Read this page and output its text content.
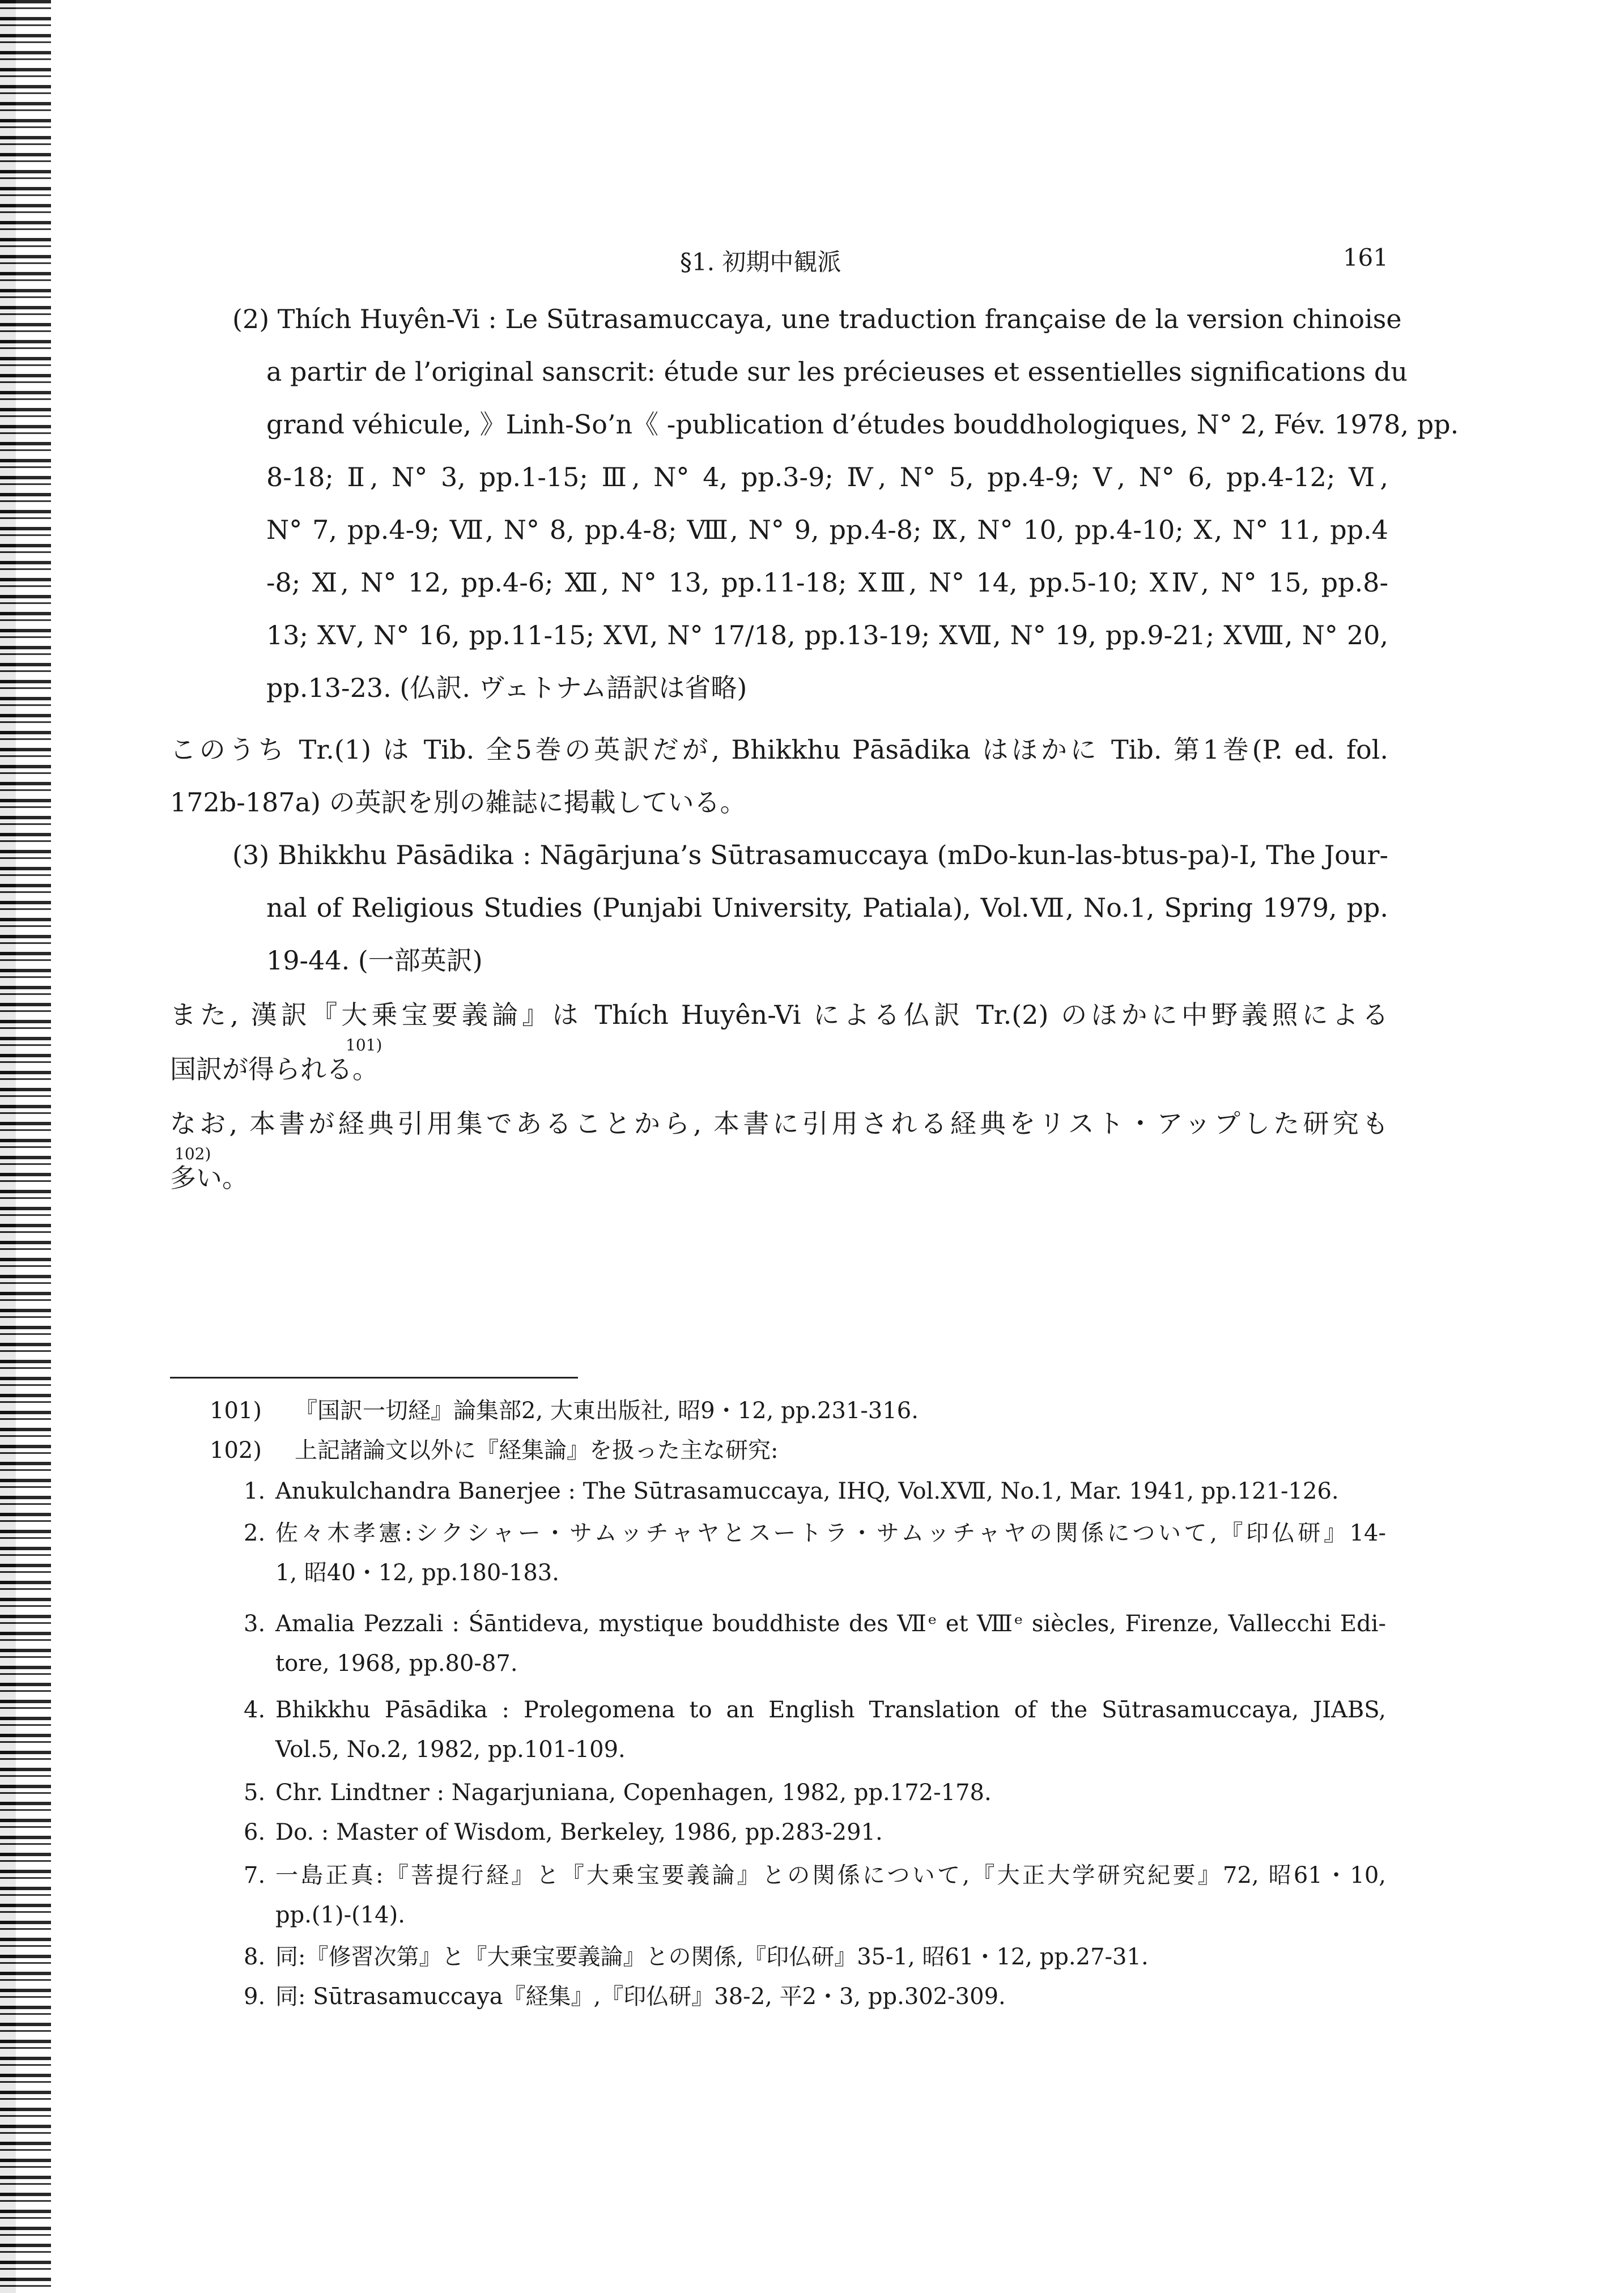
§1. 初期中観派	161
(2) Thích Huyên-Vi : Le Sūtrasamuccaya, une traduction française de la version chinoise
a partir de l’original sanscrit: étude sur les précieuses et essentielles significations du
grand véhicule, 》Linh-So’n《 -publication d’études bouddhologiques, N° 2, Fév. 1978, pp.
8-18; Ⅱ, N° 3, pp.1-15; Ⅲ, N° 4, pp.3-9; Ⅳ, N° 5, pp.4-9; Ⅴ, N° 6, pp.4-12; Ⅵ,
N° 7, pp.4-9; Ⅶ, N° 8, pp.4-8; Ⅷ, N° 9, pp.4-8; Ⅸ, N° 10, pp.4-10; Ⅹ, N° 11, pp.4
-8; Ⅺ, N° 12, pp.4-6; Ⅻ, N° 13, pp.11-18; ⅩⅢ, N° 14, pp.5-10; ⅩⅣ, N° 15, pp.8-
13; ⅩⅤ, N° 16, pp.11-15; ⅩⅥ, N° 17/18, pp.13-19; ⅩⅦ, N° 19, pp.9-21; ⅩⅧ, N° 20,
pp.13-23. (仏訳. ヴェトナム語訳は省略)
このうち Tr.(1) は Tib. 全5巻の英訳だが, Bhikkhu Pāsādika はほかに Tib. 第1巻(P. ed. fol.
172b-187a) の英訳を別の雑誌に掲載している。
(3) Bhikkhu Pāsādika : Nāgārjuna’s Sūtrasamuccaya (mDo-kun-las-btus-pa)-I, The Jour-
nal of Religious Studies (Punjabi University, Patiala), Vol.Ⅶ, No.1, Spring 1979, pp.
19-44. (一部英訳)
また, 漢訳『大乗宝要義論』は Thích Huyên-Vi による仏訳 Tr.(2) のほかに中野義照による
101)
国訳が得られる。
なお, 本書が経典引用集であることから, 本書に引用される経典をリスト・アップした研究も
102)
多い。
101) 『国訳一切経』論集部2, 大東出版社, 昭9・12, pp.231-316.
102) 上記諸論文以外に『経集論』を扱った主な研究:
1. Anukulchandra Banerjee : The Sūtrasamuccaya, IHQ, Vol.ⅩⅦ, No.1, Mar. 1941, pp.121-126.
2. 佐々木孝憲:シクシャー・サムッチャヤとスートラ・サムッチャヤの関係について,『印仏研』14-
1, 昭40・12, pp.180-183.
3. Amalia Pezzali : Śāntideva, mystique bouddhiste des Ⅶᵉ et Ⅷᵉ siècles, Firenze, Vallecchi Edi-
tore, 1968, pp.80-87.
4. Bhikkhu Pāsādika : Prolegomena to an English Translation of the Sūtrasamuccaya, JIABS,
Vol.5, No.2, 1982, pp.101-109.
5. Chr. Lindtner : Nagarjuniana, Copenhagen, 1982, pp.172-178.
6. Do. : Master of Wisdom, Berkeley, 1986, pp.283-291.
7. 一島正真:『菩提行経』と『大乗宝要義論』との関係について,『大正大学研究紀要』72, 昭61・10,
pp.(1)-(14).
8. 同:『修習次第』と『大乗宝要義論』との関係,『印仏研』35-1, 昭61・12, pp.27-31.
9. 同: Sūtrasamuccaya『経集』,『印仏研』38-2, 平2・3, pp.302-309.
